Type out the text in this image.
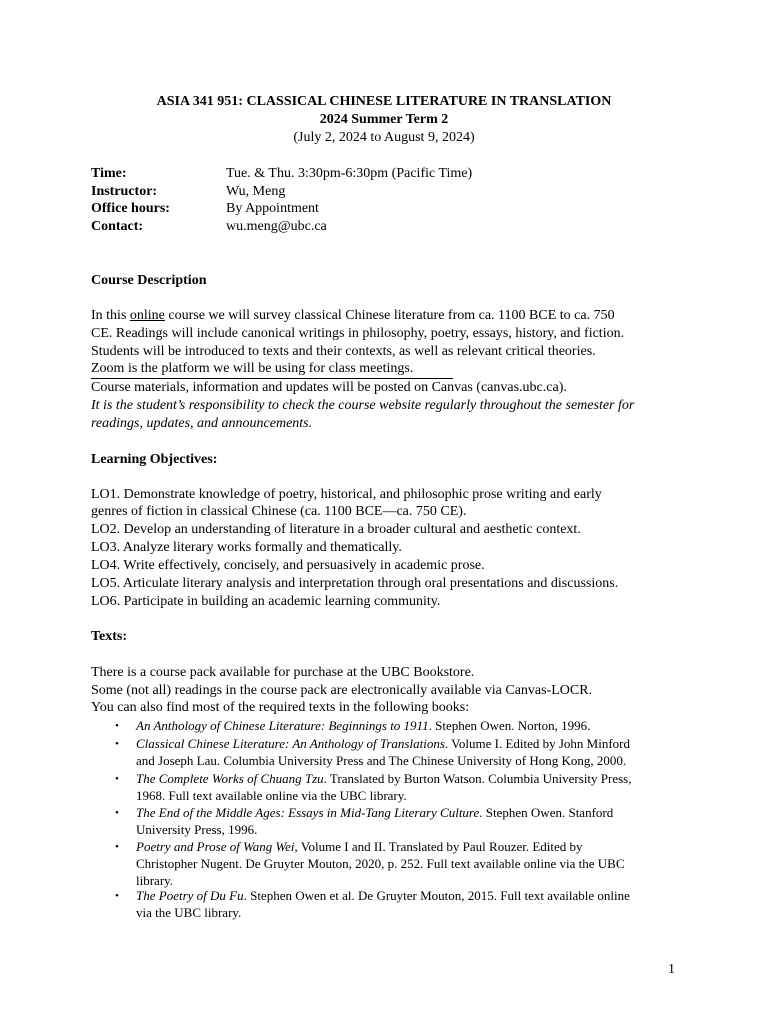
ASIA 341 951: CLASSICAL CHINESE LITERATURE IN TRANSLATION
2024 Summer Term 2
(July 2, 2024 to August 9, 2024)
Time:	Tue. & Thu. 3:30pm-6:30pm (Pacific Time)
Instructor:	Wu, Meng
Office hours:	By Appointment
Contact:	wu.meng@ubc.ca
Course Description
In this online course we will survey classical Chinese literature from ca. 1100 BCE to ca. 750
CE. Readings will include canonical writings in philosophy, poetry, essays, history, and fiction.
Students will be introduced to texts and their contexts, as well as relevant critical theories.
Zoom is the platform we will be using for class meetings.
Course materials, information and updates will be posted on Canvas (canvas.ubc.ca).
It is the student’s responsibility to check the course website regularly throughout the semester for
readings, updates, and announcements.
Learning Objectives:
LO1. Demonstrate knowledge of poetry, historical, and philosophic prose writing and early
genres of fiction in classical Chinese (ca. 1100 BCE—ca. 750 CE).
LO2. Develop an understanding of literature in a broader cultural and aesthetic context.
LO3. Analyze literary works formally and thematically.
LO4. Write effectively, concisely, and persuasively in academic prose.
LO5. Articulate literary analysis and interpretation through oral presentations and discussions.
LO6. Participate in building an academic learning community.
Texts:
There is a course pack available for purchase at the UBC Bookstore.
Some (not all) readings in the course pack are electronically available via Canvas-LOCR.
You can also find most of the required texts in the following books:
• An Anthology of Chinese Literature: Beginnings to 1911. Stephen Owen. Norton, 1996.
• Classical Chinese Literature: An Anthology of Translations. Volume I. Edited by John Minford
and Joseph Lau. Columbia University Press and The Chinese University of Hong Kong, 2000.
• The Complete Works of Chuang Tzu. Translated by Burton Watson. Columbia University Press,
1968. Full text available online via the UBC library.
• The End of the Middle Ages: Essays in Mid-Tang Literary Culture. Stephen Owen. Stanford
University Press, 1996.
• Poetry and Prose of Wang Wei, Volume I and II. Translated by Paul Rouzer. Edited by
Christopher Nugent. De Gruyter Mouton, 2020, p. 252. Full text available online via the UBC
library.
• The Poetry of Du Fu. Stephen Owen et al. De Gruyter Mouton, 2015. Full text available online
via the UBC library.
1
